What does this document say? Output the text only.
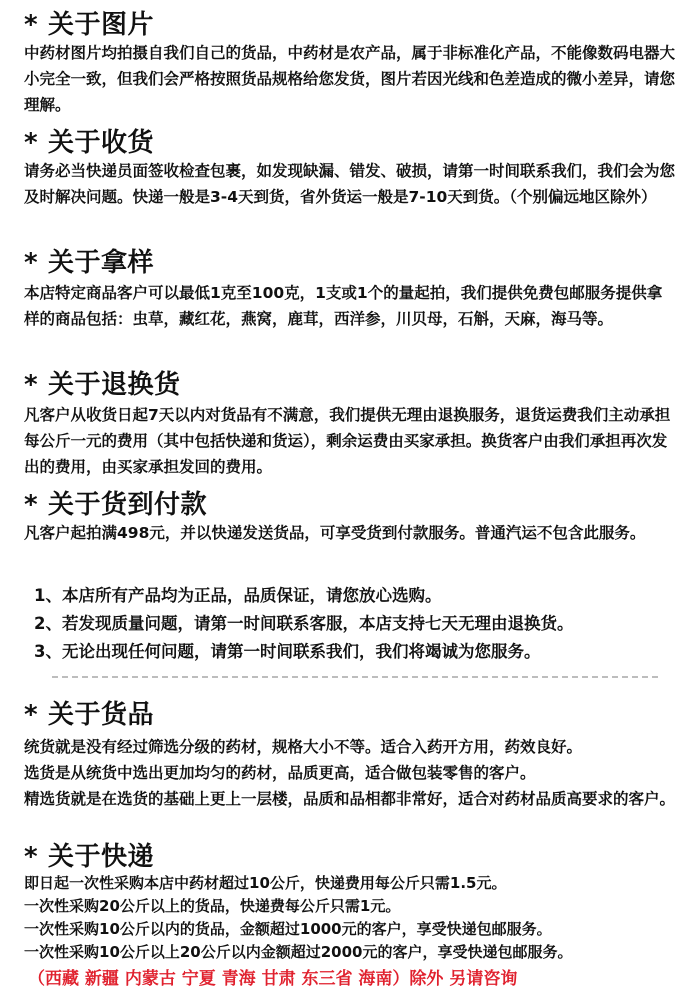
* 关于图片

中药材图片均拍摄自我们自己的货品，中药材是农产品，属于非标准化产品，不能像数码电器大小完全一致，但我们会严格按照货品规格给您发货，图片若因光线和色差造成的微小差异，请您理解。

* 关于收货

请务必当快递员面签收检查包裹，如发现缺漏、错发、破损，请第一时间联系我们，我们会为您及时解决问题。快递一般是3-4天到货，省外货运一般是7-10天到货。（个别偏远地区除外）

* 关于拿样

本店特定商品客户可以最低1克至100克，1支或1个的量起拍，我们提供免费包邮服务提供拿样的商品包括：虫草，藏红花，燕窝，鹿茸，西洋参，川贝母，石斛，天麻，海马等。

* 关于退换货

凡客户从收货日起7天以内对货品有不满意，我们提供无理由退换服务，退货运费我们主动承担每公斤一元的费用（其中包括快递和货运），剩余运费由买家承担。换货客户由我们承担再次发出的费用，由买家承担发回的费用。

* 关于货到付款

凡客户起拍满498元，并以快递发送货品，可享受货到付款服务。普通汽运不包含此服务。

1、本店所有产品均为正品，品质保证，请您放心选购。

2、若发现质量问题，请第一时间联系客服，本店支持七天无理由退换货。

3、无论出现任何问题，请第一时间联系我们，我们将竭诚为您服务。

* 关于货品

统货就是没有经过筛选分级的药材，规格大小不等。适合入药开方用，药效良好。

选货是从统货中选出更加均匀的药材，品质更高，适合做包装零售的客户。

精选货就是在选货的基础上更上一层楼，品质和品相都非常好，适合对药材品质高要求的客户。

* 关于快递

即日起一次性采购本店中药材超过10公斤，快递费用每公斤只需1.5元。

一次性采购20公斤以上的货品，快递费每公斤只需1元。

一次性采购10公斤以内的货品，金额超过1000元的客户，享受快递包邮服务。

一次性采购10公斤以上20公斤以内金额超过2000元的客户，享受快递包邮服务。

（西藏 新疆 内蒙古 宁夏 青海 甘肃 东三省 海南）除外 另请咨询
